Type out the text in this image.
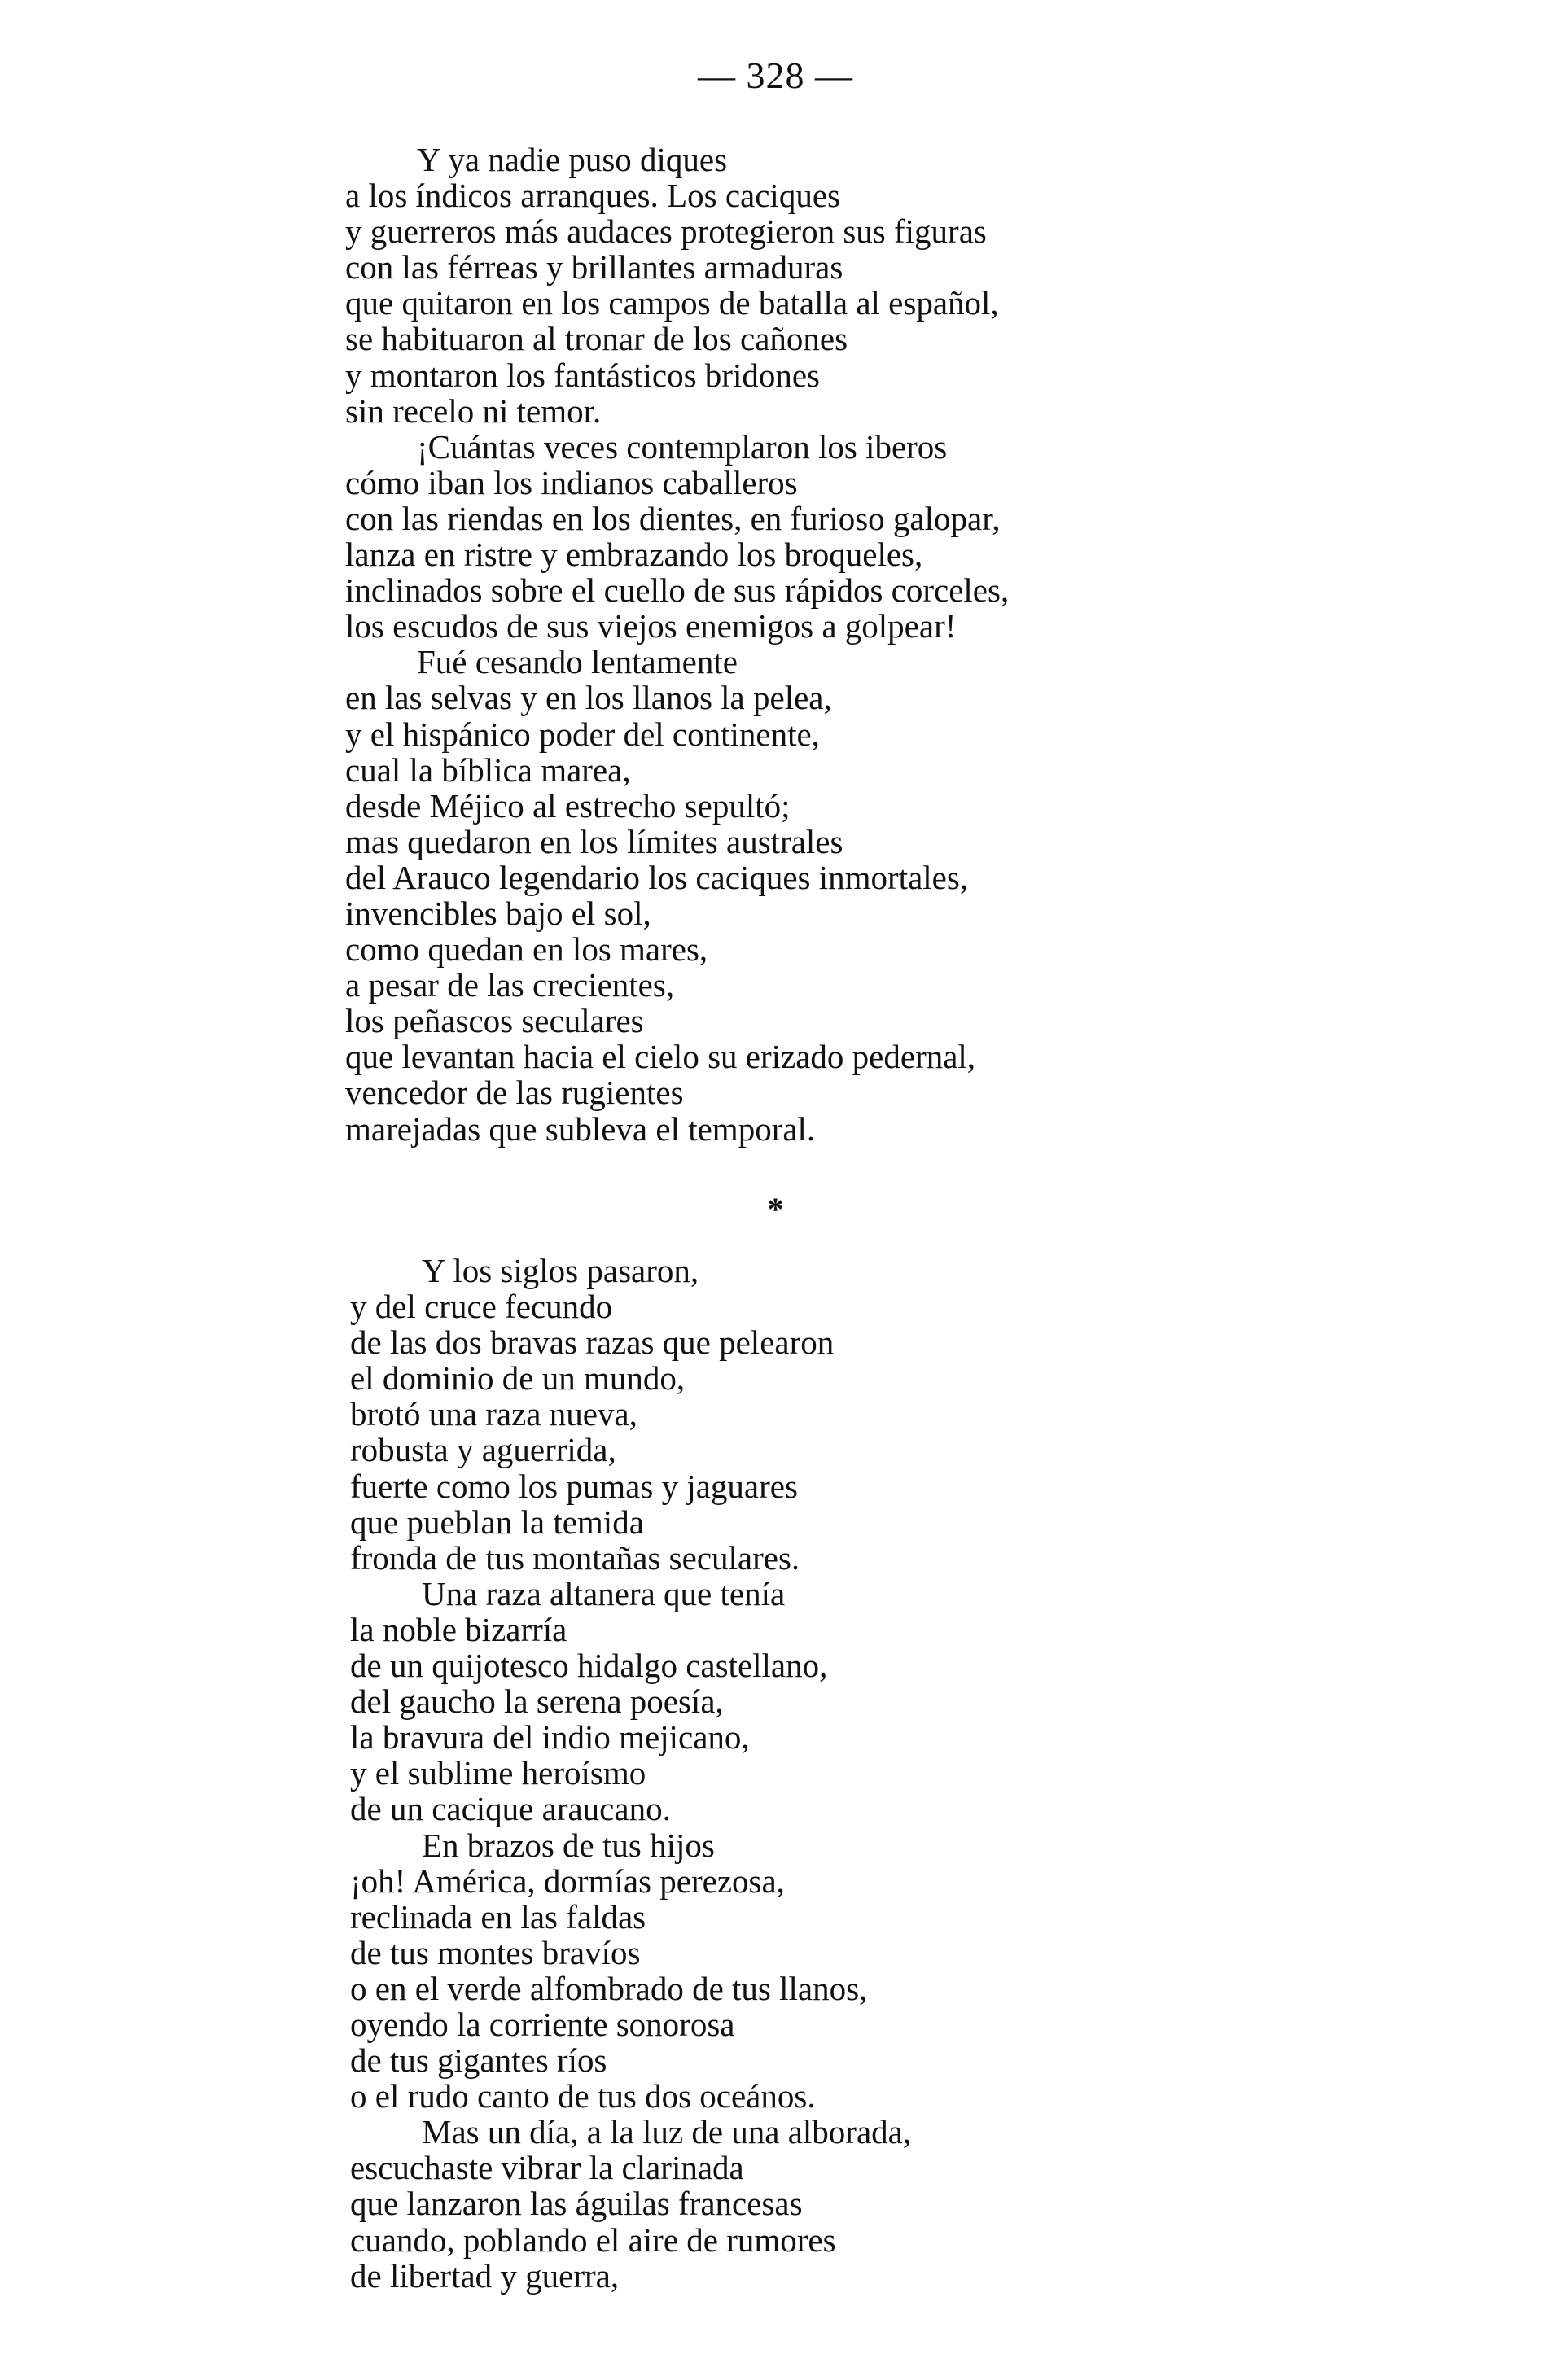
— 328 —
Y ya nadie puso diques
a los índicos arranques. Los caciques
y guerreros más audaces protegieron sus figuras
con las férreas y brillantes armaduras
que quitaron en los campos de batalla al español,
se habituaron al tronar de los cañones
y montaron los fantásticos bridones
sin recelo ni temor.
¡Cuántas veces contemplaron los iberos
cómo iban los indianos caballeros
con las riendas en los dientes, en furioso galopar,
lanza en ristre y embrazando los broqueles,
inclinados sobre el cuello de sus rápidos corceles,
los escudos de sus viejos enemigos a golpear!
Fué cesando lentamente
en las selvas y en los llanos la pelea,
y el hispánico poder del continente,
cual la bíblica marea,
desde Méjico al estrecho sepultó;
mas quedaron en los límites australes
del Arauco legendario los caciques inmortales,
invencibles bajo el sol,
como quedan en los mares,
a pesar de las crecientes,
los peñascos seculares
que levantan hacia el cielo su erizado pedernal,
vencedor de las rugientes
marejadas que subleva el temporal.
*
Y los siglos pasaron,
y del cruce fecundo
de las dos bravas razas que pelearon
el dominio de un mundo,
brotó una raza nueva,
robusta y aguerrida,
fuerte como los pumas y jaguares
que pueblan la temida
fronda de tus montañas seculares.
Una raza altanera que tenía
la noble bizarría
de un quijotesco hidalgo castellano,
del gaucho la serena poesía,
la bravura del indio mejicano,
y el sublime heroísmo
de un cacique araucano.
En brazos de tus hijos
¡oh! América, dormías perezosa,
reclinada en las faldas
de tus montes bravíos
o en el verde alfombrado de tus llanos,
oyendo la corriente sonorosa
de tus gigantes ríos
o el rudo canto de tus dos oceános.
Mas un día, a la luz de una alborada,
escuchaste vibrar la clarinada
que lanzaron las águilas francesas
cuando, poblando el aire de rumores
de libertad y guerra,
